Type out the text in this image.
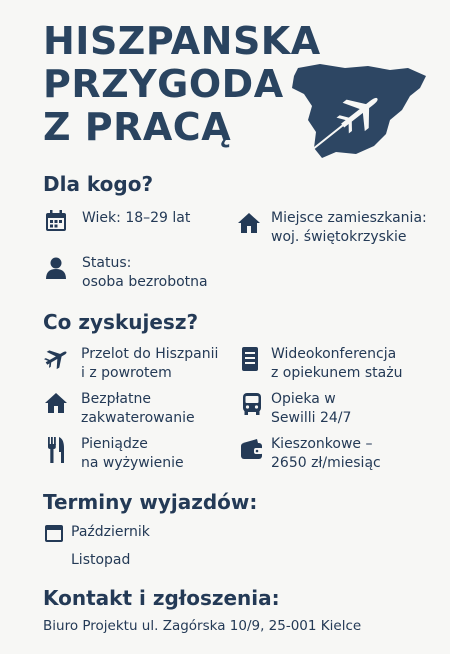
HISZPANSKA
PRZYGODA
Z PRACĄ
Dla kogo?
Wiek: 18–29 lat	Miejsce zamieszkania:
woj. świętokrzyskie
Status:
osoba bezrobotna
Co zyskujesz?
Przelot do Hiszpanii
i z powrotem
Wideokonferencja
z opiekunem stażu
Bezpłatne
zakwaterowanie
Opieka w
Sewilli 24/7
Pieniądze
na wyżywienie
Kieszonkowe –
2650 zł/miesiąc
Terminy wyjazdów:
Październik
Listopad
Kontakt i zgłoszenia:
Biuro Projektu ul. Zagórska 10/9, 25-001 Kielce
